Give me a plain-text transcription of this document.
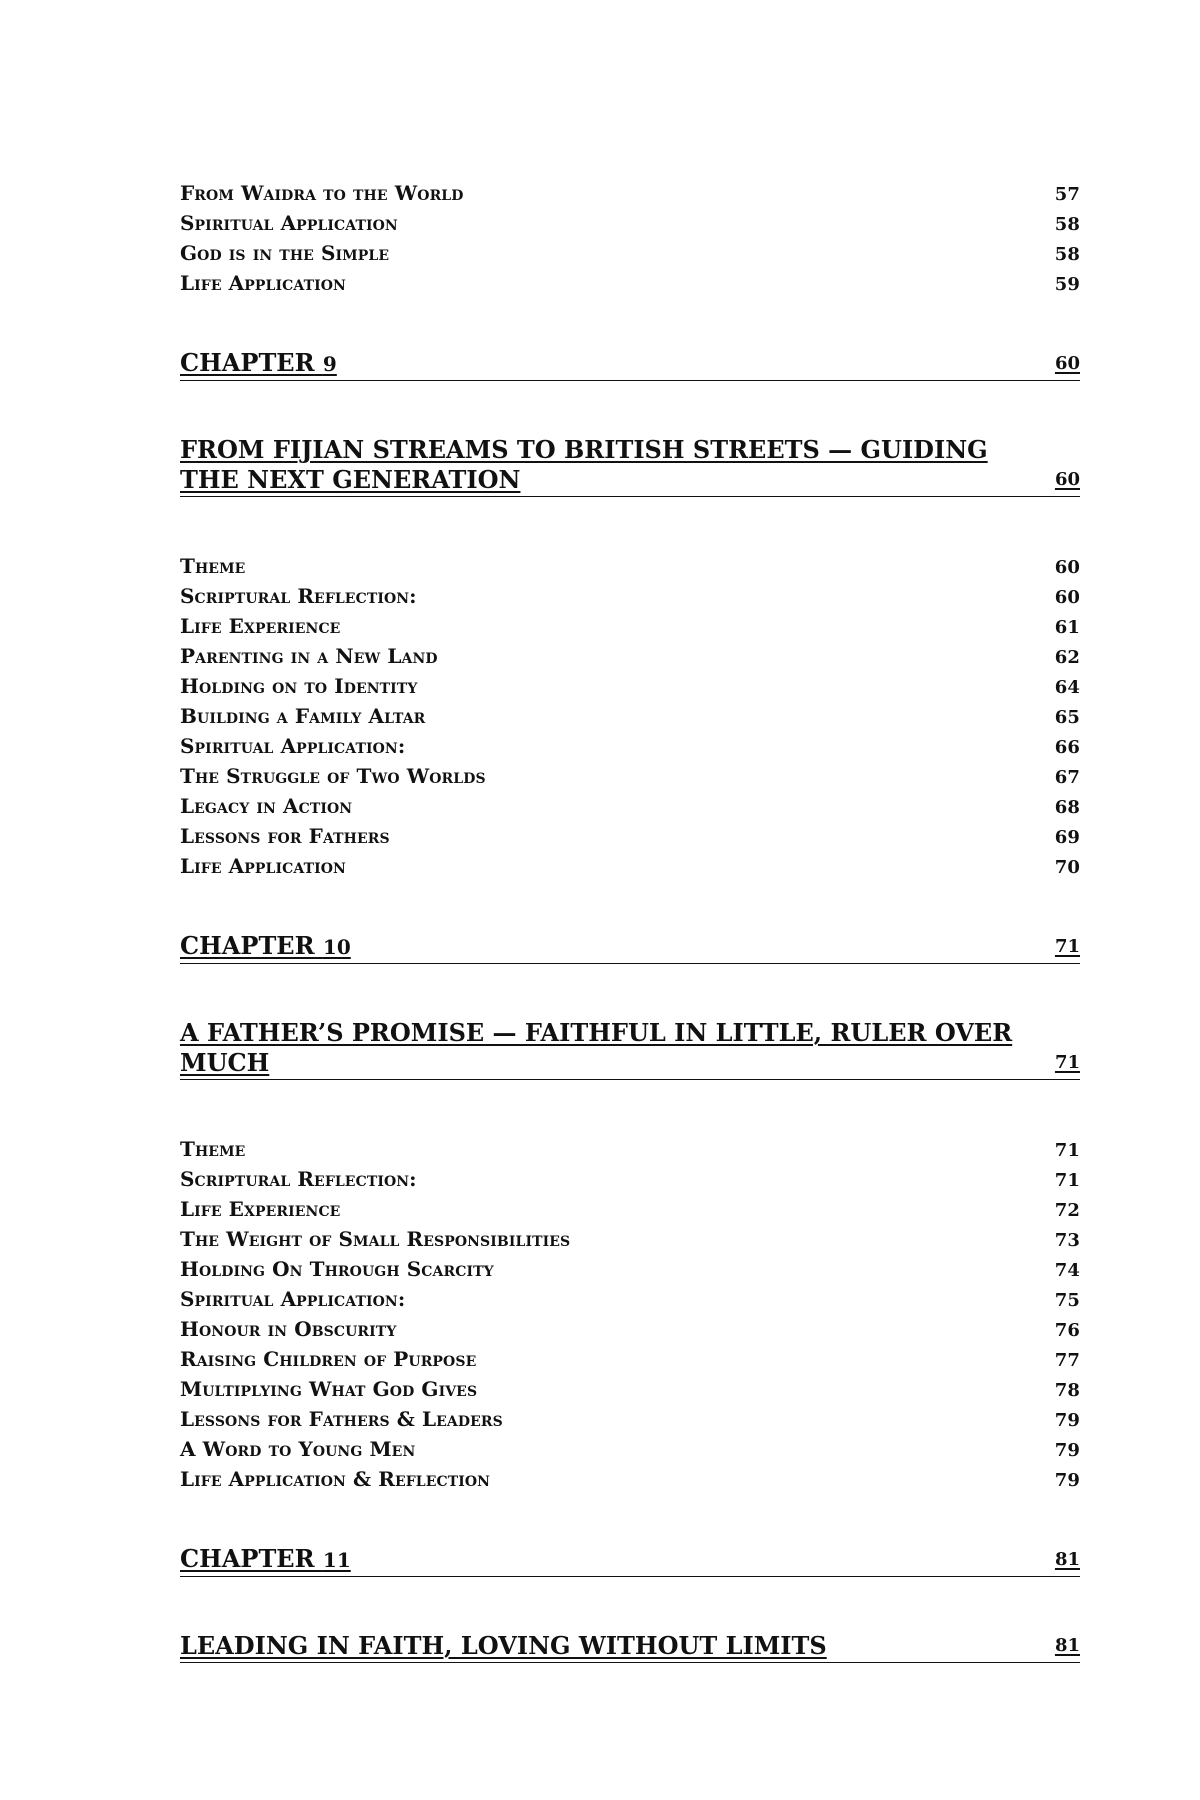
From Waidra to the World	57
Spiritual Application	58
God is in the Simple	58
Life Application	59
CHAPTER 9	60
FROM FIJIAN STREAMS TO BRITISH STREETS — GUIDING THE NEXT GENERATION	60
Theme	60
Scriptural Reflection:	60
Life Experience	61
Parenting in a New Land	62
Holding on to Identity	64
Building a Family Altar	65
Spiritual Application:	66
The Struggle of Two Worlds	67
Legacy in Action	68
Lessons for Fathers	69
Life Application	70
CHAPTER 10	71
A FATHER’S PROMISE — FAITHFUL IN LITTLE, RULER OVER MUCH	71
Theme	71
Scriptural Reflection:	71
Life Experience	72
The Weight of Small Responsibilities	73
Holding On Through Scarcity	74
Spiritual Application:	75
Honour in Obscurity	76
Raising Children of Purpose	77
Multiplying What God Gives	78
Lessons for Fathers & Leaders	79
A Word to Young Men	79
Life Application & Reflection	79
CHAPTER 11	81
LEADING IN FAITH, LOVING WITHOUT LIMITS	81
